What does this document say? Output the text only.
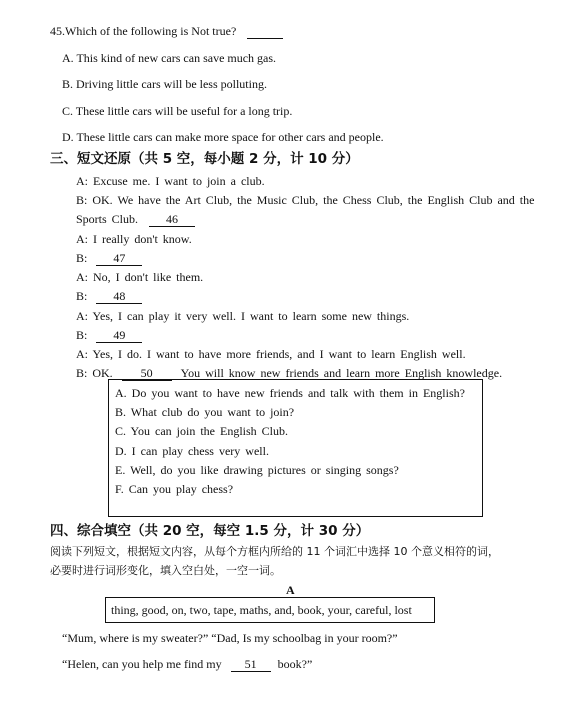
45.Which of the following is Not true?
A. This kind of new cars can save much gas.
B. Driving little cars will be less polluting.
C. These little cars will be useful for a long trip.
D. These little cars can make more space for other cars and people.
三、短文还原（共 5 空，每小题 2 分，计 10 分）
A: Excuse me. I want to join a club.
B: OK. We have the Art Club, the Music Club, the Chess Club, the English Club and the
Sports Club. 46
A: I really don't know.
B: 47
A: No, I don't like them.
B: 48
A: Yes, I can play it very well. I want to learn some new things.
B: 49
A: Yes, I do. I want to have more friends, and I want to learn English well.
B: OK. 50 You will know new friends and learn more English knowledge.
A. Do you want to have new friends and talk with them in English?
B. What club do you want to join?
C. You can join the English Club.
D. I can play chess very well.
E. Well, do you like drawing pictures or singing songs?
F. Can you play chess?
四、综合填空（共 20 空，每空 1.5 分，计 30 分）
阅读下列短文，根据短文内容，从每个方框内所给的 11 个词汇中选择 10 个意义相符的词，
必要时进行词形变化，填入空白处，一空一词。
A
thing, good, on, two, tape, maths, and, book, your, careful, lost
“Mum, where is my sweater?” “Dad, Is my schoolbag in your room?”
“Helen, can you help me find my 51 book?”
